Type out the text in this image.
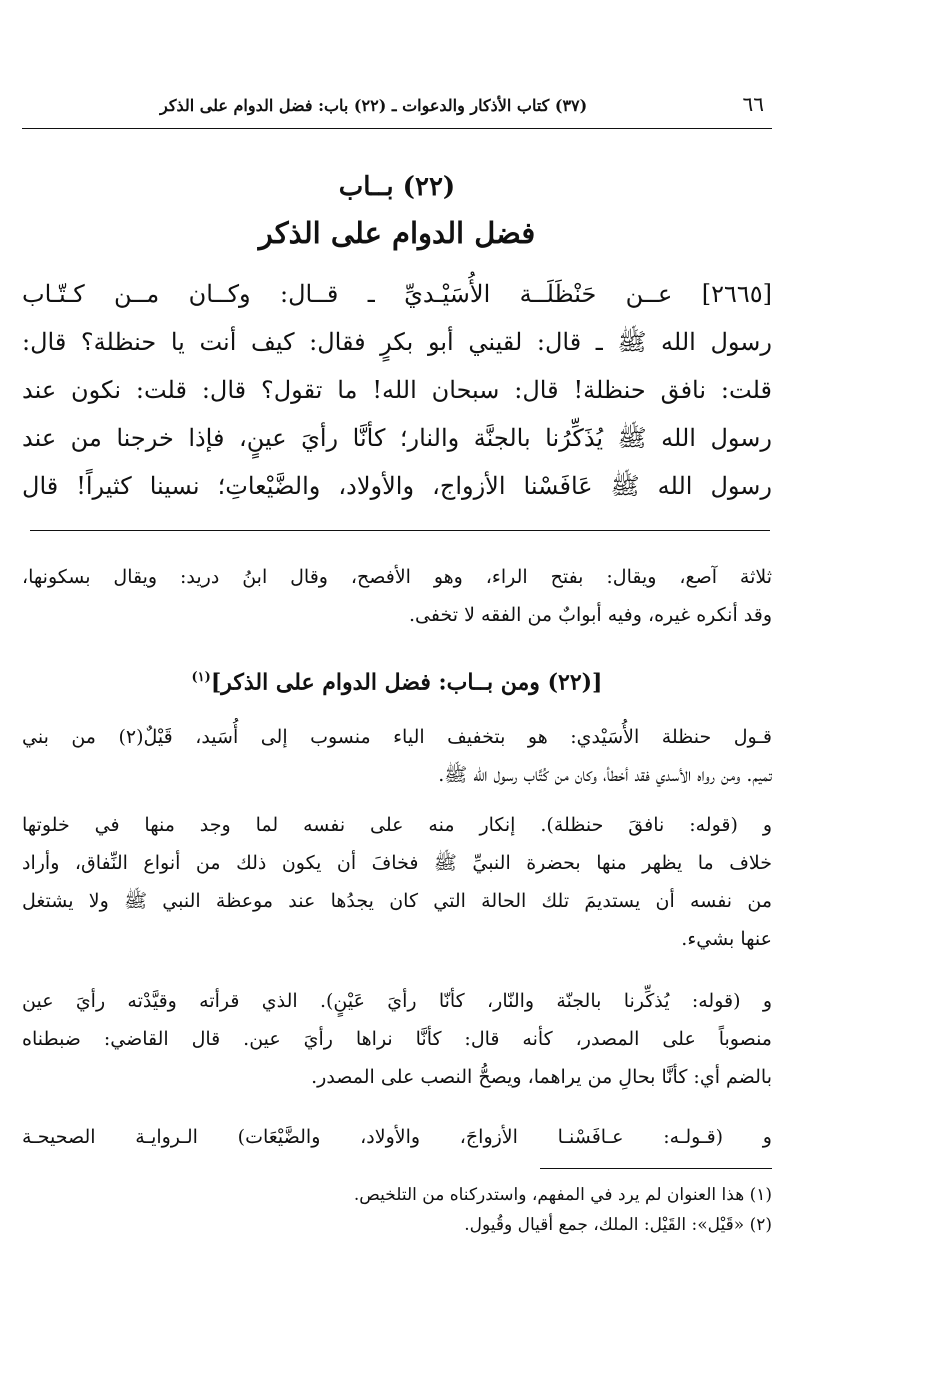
٦٦
(٣٧) كتاب الأذكار والدعوات ـ (٢٢) باب: فضل الدوام على الذكر
(٢٢) بــاب
فضل الدوام على الذكر
[٢٦٦٥] عــن حَنْظَلَــة الأُسَيْـديِّ ـ قــال: وكــان مــن كـتّـاب
رسول الله ﷺ ـ قال: لقيني أبو بكرٍ فقال: كيف أنت يا حنظلة؟ قال:
قلت: نافق حنظلة! قال: سبحان الله! ما تقول؟ قال: قلت: نكون عند
رسول الله ﷺ يُذَكِّرُنا بالجنَّة والنار؛ كأنَّا رأيَ عينٍ، فإذا خرجنا من عند
رسول الله ﷺ عَافَسْنا الأزواج، والأولاد، والضَّيْعاتِ؛ نسينا كثيراً! قال
ثلاثة آصع، ويقال: بفتح الراء، وهو الأفصح، وقال ابنُ دريد: ويقال بسكونها،
وقد أنكره غيره، وفيه أبوابٌ من الفقه لا تخفى.
[(٢٢) ومن بــاب: فضل الدوام على الذكر]$^{(١)}$
قـول حنظلة الأُسَيْدي: هو بتخفيف الياء منسوب إلى أُسَيد، قَيْلٌ(٢) من بني
تميم. ومن رواه الأسدي فقد أخطأ، وكان من كُتَّاب رسول الله ﷺ.
و (قوله: نافقَ حنظلة). إنكار منه على نفسه لما وجد منها في خلوتها
خلاف ما يظهر منها بحضرة النبيِّ ﷺ فخافَ أن يكون ذلك من أنواع النِّفاق، وأراد
من نفسه أن يستديمَ تلك الحالة التي كان يجدُها عند موعظة النبي ﷺ ولا يشتغل
عنها بشيء.
و (قوله: يُذكِّرنا بالجنّة والنّار، كأنّا رأيَ عَيْنٍ). الذي قرأته وقيَّدْته رأيَ عين
منصوباً على المصدر، كأنه قال: كأنَّا نراها رأيَ عين. قال القاضي: ضبطناه
بالضم أي: كأنَّا بحالِ من يراهما، ويصحُّ النصب على المصدر.
و (قـولـه: عـافَسْنـا الأزواجَ، والأولاد، والضَّيْعَات) الـروايـة الصحيحـة
(١) هذا العنوان لم يرد في المفهم، واستدركناه من التلخيص.
(٢) «قَيْل»: القَيْل: الملك، جمع أقيال وقُيول.
